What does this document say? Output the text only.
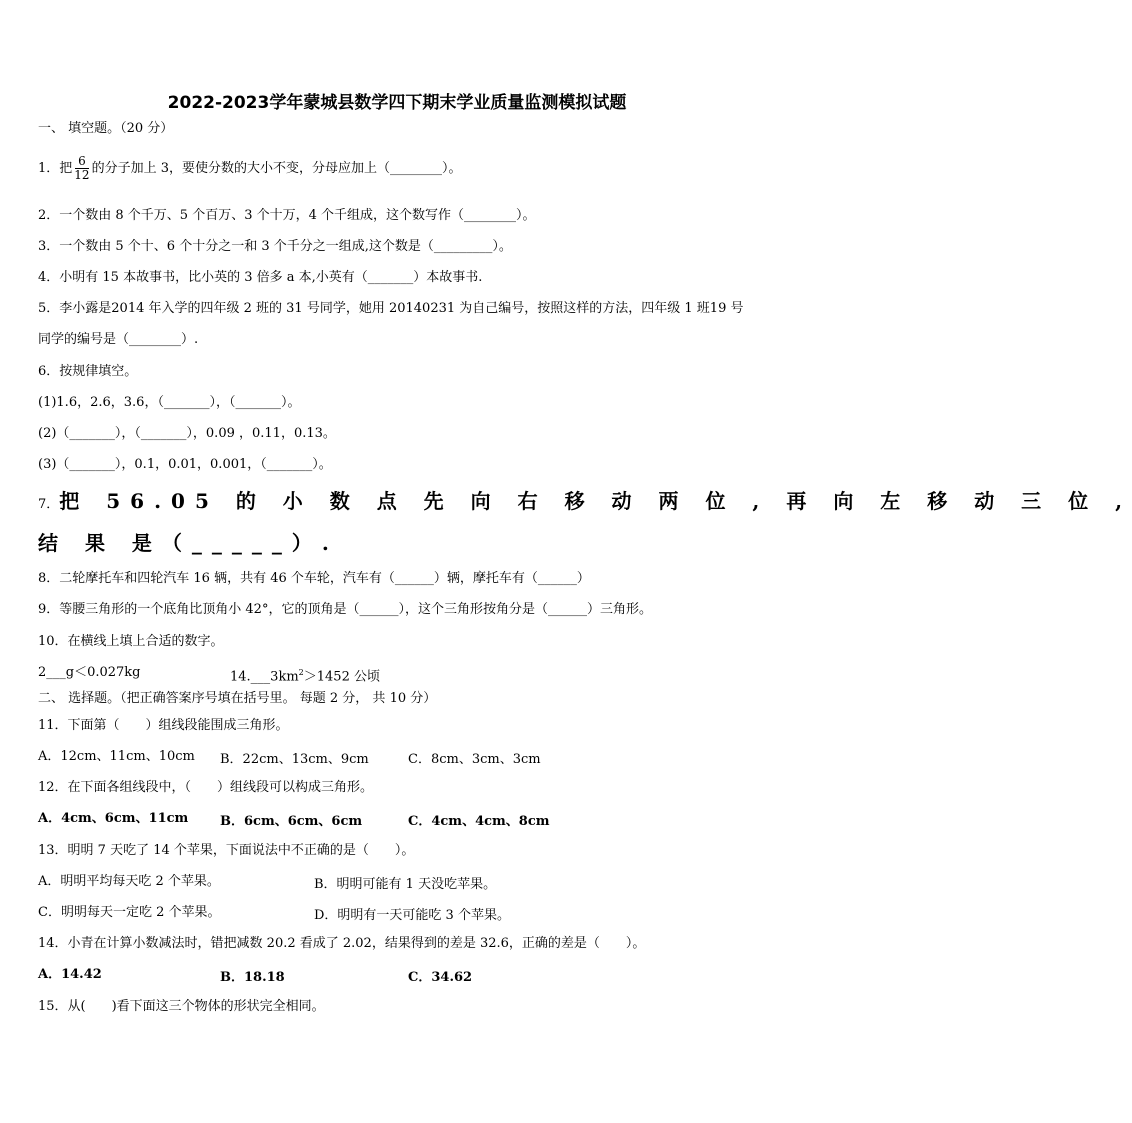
2022-2023学年蒙城县数学四下期末学业质量监测模拟试题
一、 填空题。（20 分）
1．把 $\frac{6}{12}$ 的分子加上 3，要使分数的大小不变，分母应加上（________）。
2．一个数由 8 个千万、5 个百万、3 个十万，4 个千组成，这个数写作（________）。
3．一个数由 5 个十、6 个十分之一和 3 个千分之一组成,这个数是（_________）。
4．小明有 15 本故事书，比小英的 3 倍多 a 本,小英有（_______）本故事书.
5．李小露是2014 年入学的四年级 2 班的 31 号同学，她用 20140231 为自己编号，按照这样的方法，四年级 1 班19 号
同学的编号是（________）.
6．按规律填空。
(1)1.6，2.6，3.6，（_______），（_______）。
(2)（_______），（_______），0.09 ，0.11，0.13。
(3)（_______），0.1，0.01，0.001，（_______）。
7．把 56.05 的 小 数 点 先 向 右 移 动 两 位 , 再 向 左 移 动 三 位 ,
结 果 是（_____）.
8．二轮摩托车和四轮汽车 16 辆，共有 46 个车轮，汽车有（______）辆，摩托车有（______）
9．等腰三角形的一个底角比顶角小 42°，它的顶角是（______），这个三角形按角分是（______）三角形。
10．在横线上填上合适的数字。
2___g＜0.027kg	$14.\_\_\_3km^2>1452$ 公顷
二、 选择题。（把正确答案序号填在括号里。 每题 2 分， 共 10 分）
11．下面第（　　）组线段能围成三角形。
A．12cm、11cm、10cm B．22cm、13cm、9cm	C．8cm、3cm、3cm
12．在下面各组线段中，（　　）组线段可以构成三角形。
A．4cm、6cm、11cm B．6cm、6cm、6cm	C．4cm、4cm、8cm
13．明明 7 天吃了 14 个苹果，下面说法中不正确的是（　　）。
A．明明平均每天吃 2 个苹果。	B．明明可能有 1 天没吃苹果。
C．明明每天一定吃 2 个苹果。	D．明明有一天可能吃 3 个苹果。
14．小青在计算小数减法时，错把减数 20.2 看成了 2.02，结果得到的差是 32.6，正确的差是（　　）。
A．14.42	B．18.18	C．34.62
15．从(　　)看下面这三个物体的形状完全相同。
